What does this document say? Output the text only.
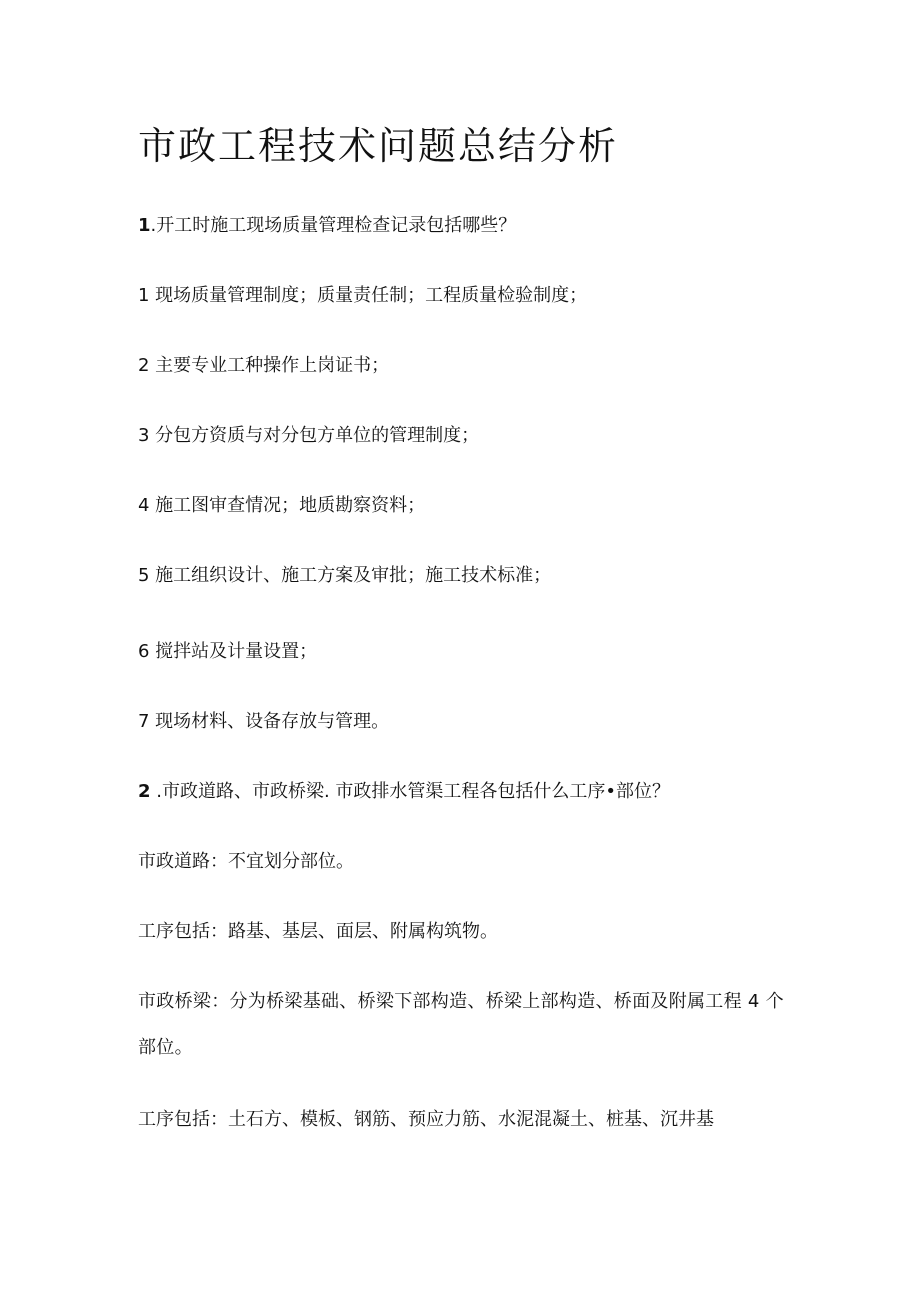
市政工程技术问题总结分析

1.开工时施工现场质量管理检查记录包括哪些？

1 现场质量管理制度；质量责任制；工程质量检验制度；

2 主要专业工种操作上岗证书；

3 分包方资质与对分包方单位的管理制度；

4 施工图审查情况；地质勘察资料；

5 施工组织设计、施工方案及审批；施工技术标准；

6 搅拌站及计量设置；

7 现场材料、设备存放与管理。

2 .市政道路、市政桥梁. 市政排水管渠工程各包括什么工序•部位？

市政道路：不宜划分部位。

工序包括：路基、基层、面层、附属构筑物。

市政桥梁：分为桥梁基础、桥梁下部构造、桥梁上部构造、桥面及附属工程 4 个部位。

工序包括：土石方、模板、钢筋、预应力筋、水泥混凝土、桩基、沉井基
